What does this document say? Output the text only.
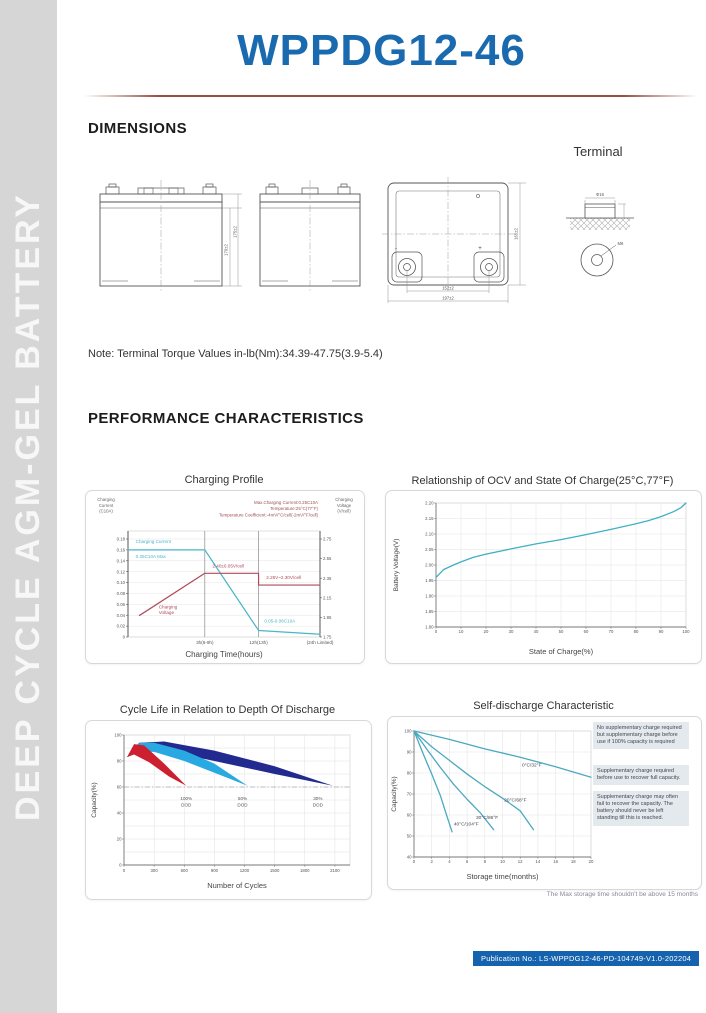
DEEP CYCLE AGM-GEL BATTERY
WPPDG12-46
DIMENSIONS
Terminal
170±2
175±2
-	+
165±2
152±2
197±2
Φ16
M6
Note: Terminal Torque Values in-lb(Nm):34.39-47.75(3.9-5.4)
PERFORMANCE CHARACTERISTICS
Charging Profile
0.18
0.16
0.14
0.12
0.10
0.08
0.06
0.04
0.02
0
2.75
2.55
2.35
2.15
1.95
1.75
Charging
Current
(C10A)
Charging
Voltage
(V/cell)
Max.Charging Current:0.25C10A
Temperature:25°C(77°F)
Temperature Coefficient:-4mV/°C/cell(-2mV/°F/cell)
Charging Current
0.25C10A Max
2.40±0.05V/cell
2.25V~2.30V/cell
Charging
Voltage
0.05-0.08C10A
3h(6-9h)	12h(13h)	(24h Limited)
Charging Time(hours)
Relationship of OCV and State Of Charge(25°C,77°F)
0	10	20	30	40	50	60	70	80	90	100
1.80
1.85
1.90
1.95
2.00
2.05
2.10
2.15
2.20
Battery Voltage(V)
State of Charge(%)
Cycle Life in Relation to Depth Of Discharge
30%
DOD
50%
DOD
100%
DOD
0	300	600	900	1200	1500	1800	2100
0
20
40
60
80
100
Capacity(%)
Number of Cycles
Self-discharge Characteristic
0	2	4	6	8	10	12	14	16	18	20
40
50
60
70
80
90
100
Capacity(%)
Storage time(months)
0°C/32°F
20°C/68°F
30°C/86°F
40°C/104°F
No supplementary charge required but supplementary charge before use if 100% capacity is required
Supplementary charge required before use to recover full capacity.
Supplementary charge may often fail to recover the capacity. The battery should never be left standing till this is reached.
The Max storage time shouldn't be above 15 months
Publication No.: LS-WPPDG12-46-PD-104749-V1.0-202204
